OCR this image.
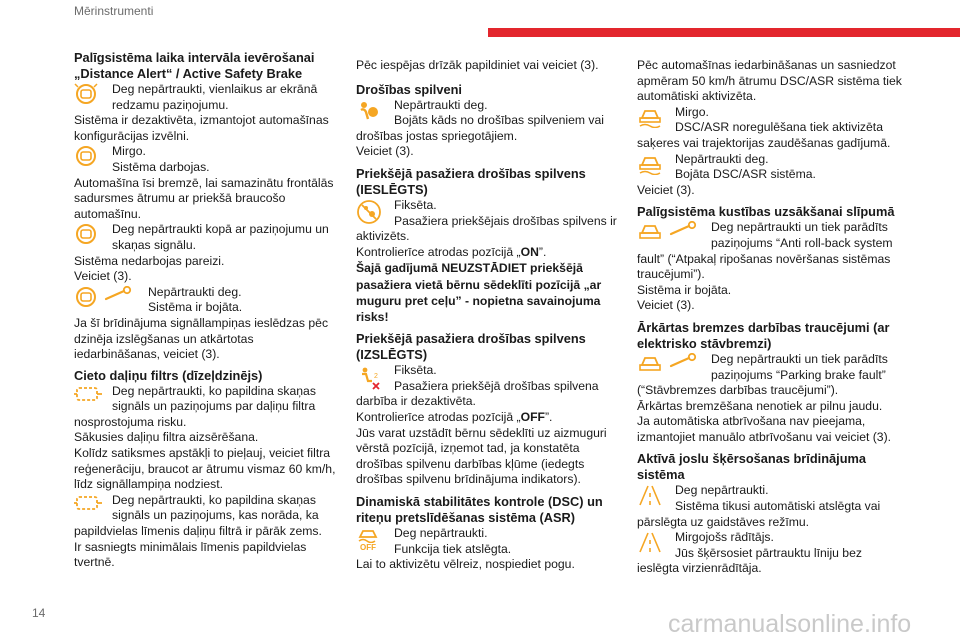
Mērinstrumenti
Palīgsistēma laika intervāla ievērošanai „Distance Alert“ / Active Safety Brake
Deg nepārtraukti, vienlaikus ar ekrānā redzamu paziņojumu.

Sistēma ir dezaktivēta, izmantojot automašīnas konfigurācijas izvēlni.

Mirgo.
Sistēma darbojas.

Automašīna īsi bremzē, lai samazinātu frontālās sadursmes ātrumu ar priekšā braucošo automašīnu.

Deg nepārtraukti kopā ar paziņojumu un skaņas signālu.

Sistēma nedarbojas pareizi.
Veiciet (3).

Nepārtraukti deg.
Sistēma ir bojāta.

Ja šī brīdinājuma signāllampiņas ieslēdzas pēc dzinēja izslēgšanas un atkārtotas iedarbināšanas, veiciet (3).

Cieto daļiņu filtrs (dīzeļdzinējs)
Deg nepārtraukti, ko papildina skaņas signāls un paziņojums par daļiņu filtra

nosprostojuma risku.
Sākusies daļiņu filtra aizsērēšana.
Kolīdz satiksmes apstākļi to pieļauj, veiciet filtra reģenerāciju, braucot ar ātrumu vismaz 60 km/h, līdz signāllampiņa nodziest.

Deg nepārtraukti, ko papildina skaņas signāls un paziņojums, kas norāda, ka

papildvielas līmenis daļiņu filtrā ir pārāk zems.
Ir sasniegts minimālais līmenis papildvielas tvertnē.

Pēc iespējas drīzāk papildiniet vai veiciet (3).

Drošības spilveni
Nepārtraukti deg.
Bojāts kāds no drošības spilveniem vai

drošības jostas spriegotājiem.
Veiciet (3).

Priekšējā pasažiera drošības spilvens (IESLĒGTS)
Fiksēta.
Pasažiera priekšējais drošības spilvens ir

aktivizēts.

Kontrolierīce atrodas pozīcijā „ON”.

Šajā gadījumā NEUZSTĀDIET priekšējā pasažiera vietā bērnu sēdeklīti pozīcijā „ar muguru pret ceļu” - nopietna savainojuma risks!

Priekšējā pasažiera drošības spilvens (IZSLĒGTS)
2 Fiksēta.
Pasažiera priekšējā drošības spilvena

darbība ir dezaktivēta.

Kontrolierīce atrodas pozīcijā „OFF”.

Jūs varat uzstādīt bērnu sēdeklīti uz aizmuguri vērstā pozīcijā, izņemot tad, ja konstatēta drošības spilvenu darbības kļūme (iedegts drošības spilvenu brīdinājuma indikators).

Dinamiskā stabilitātes kontrole (DSC) un riteņu pretslīdēšanas sistēma (ASR)
OFF
Deg nepārtraukti.
Funkcija tiek atslēgta.

Lai to aktivizētu vēlreiz, nospiediet pogu.

Pēc automašīnas iedarbināšanas un sasniedzot apmēram 50 km/h ātrumu DSC/ASR sistēma tiek automātiski aktivizēta.

Mirgo.
DSC/ASR noregulēšana tiek aktivizēta

saķeres vai trajektorijas zaudēšanas gadījumā.

Nepārtraukti deg.
Bojāta DSC/ASR sistēma.

Veiciet (3).

Palīgsistēma kustības uzsākšanai slīpumā
Deg nepārtraukti un tiek parādīts paziņojums “Anti roll-back system

fault” (“Atpakaļ ripošanas novēršanas sistēmas traucējumi”).
Sistēma ir bojāta.
Veiciet (3).

Ārkārtas bremzes darbības traucējumi (ar elektrisko stāvbremzi)
Deg nepārtraukti un tiek parādīts paziņojums “Parking brake fault”

(“Stāvbremzes darbības traucējumi”).
Ārkārtas bremzēšana nenotiek ar pilnu jaudu.
Ja automātiska atbrīvošana nav pieejama, izmantojiet manuālo atbrīvošanu vai veiciet (3).

Aktīvā joslu šķērsošanas brīdinājuma sistēma
Deg nepārtraukti.
Sistēma tikusi automātiski atslēgta vai

pārslēgta uz gaidstāves režīmu.

Mirgojošs rādītājs.
Jūs šķērsosiet pārtrauktu līniju bez

ieslēgta virzienrādītāja.

14	carmanualsonline.info
